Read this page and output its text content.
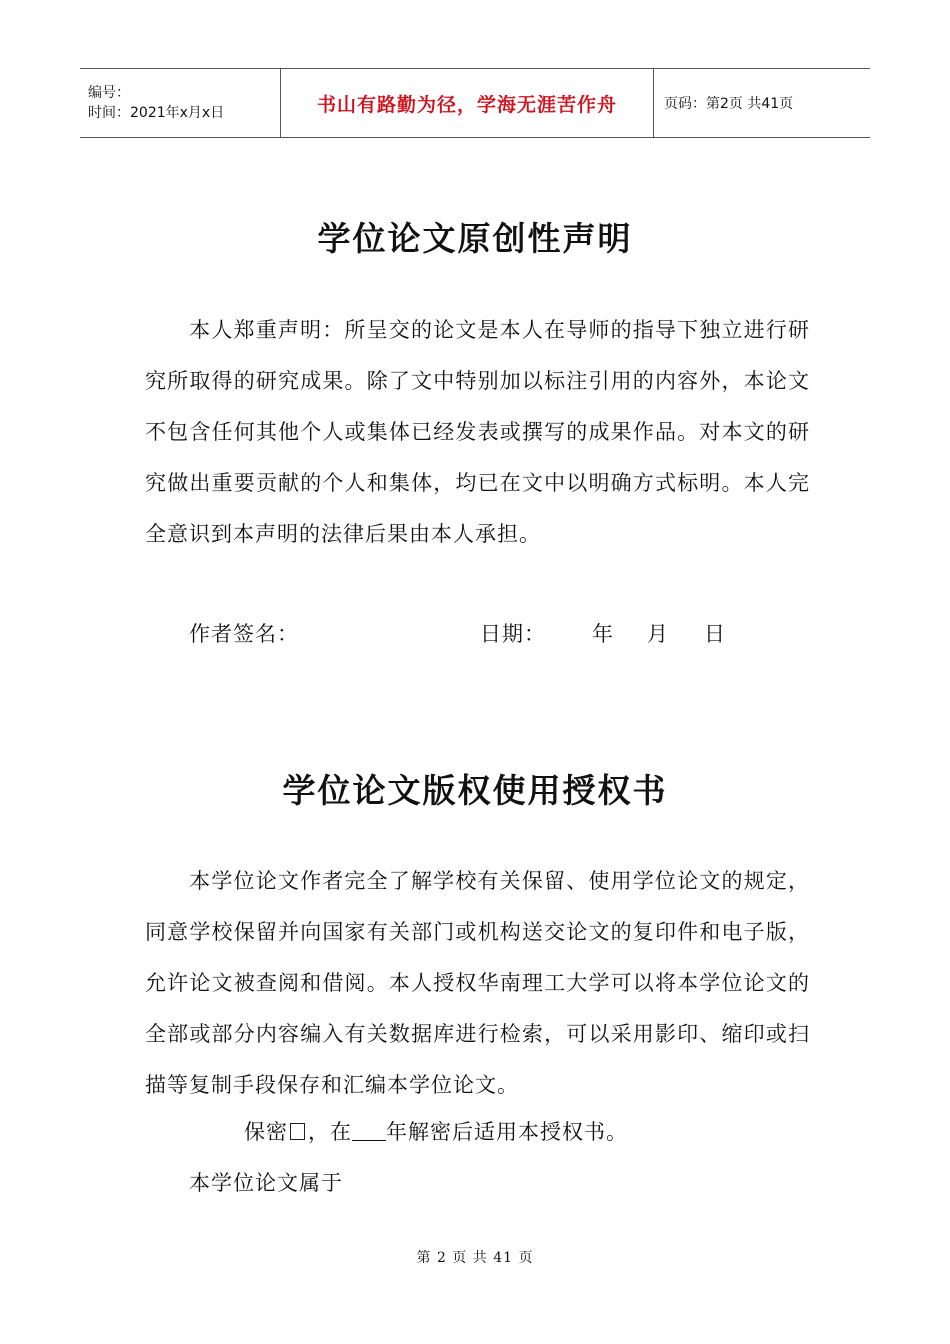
编号：
时间：2021年x月x日	书山有路勤为径，学海无涯苦作舟	页码：第2页 共41页
学位论文原创性声明
本人郑重声明：所呈交的论文是本人在导师的指导下独立进行研究所取得的研究成果。除了文中特别加以标注引用的内容外，本论文不包含任何其他个人或集体已经发表或撰写的成果作品。对本文的研究做出重要贡献的个人和集体，均已在文中以明确方式标明。本人完全意识到本声明的法律后果由本人承担。
作者签名：	日期： 年 月 日
学位论文版权使用授权书
本学位论文作者完全了解学校有关保留、使用学位论文的规定，同意学校保留并向国家有关部门或机构送交论文的复印件和电子版，允许论文被查阅和借阅。本人授权华南理工大学可以将本学位论文的全部或部分内容编入有关数据库进行检索，可以采用影印、缩印或扫描等复制手段保存和汇编本学位论文。
保密 ，在 年解密后适用本授权书。
本学位论文属于
第 2 页 共 41 页
